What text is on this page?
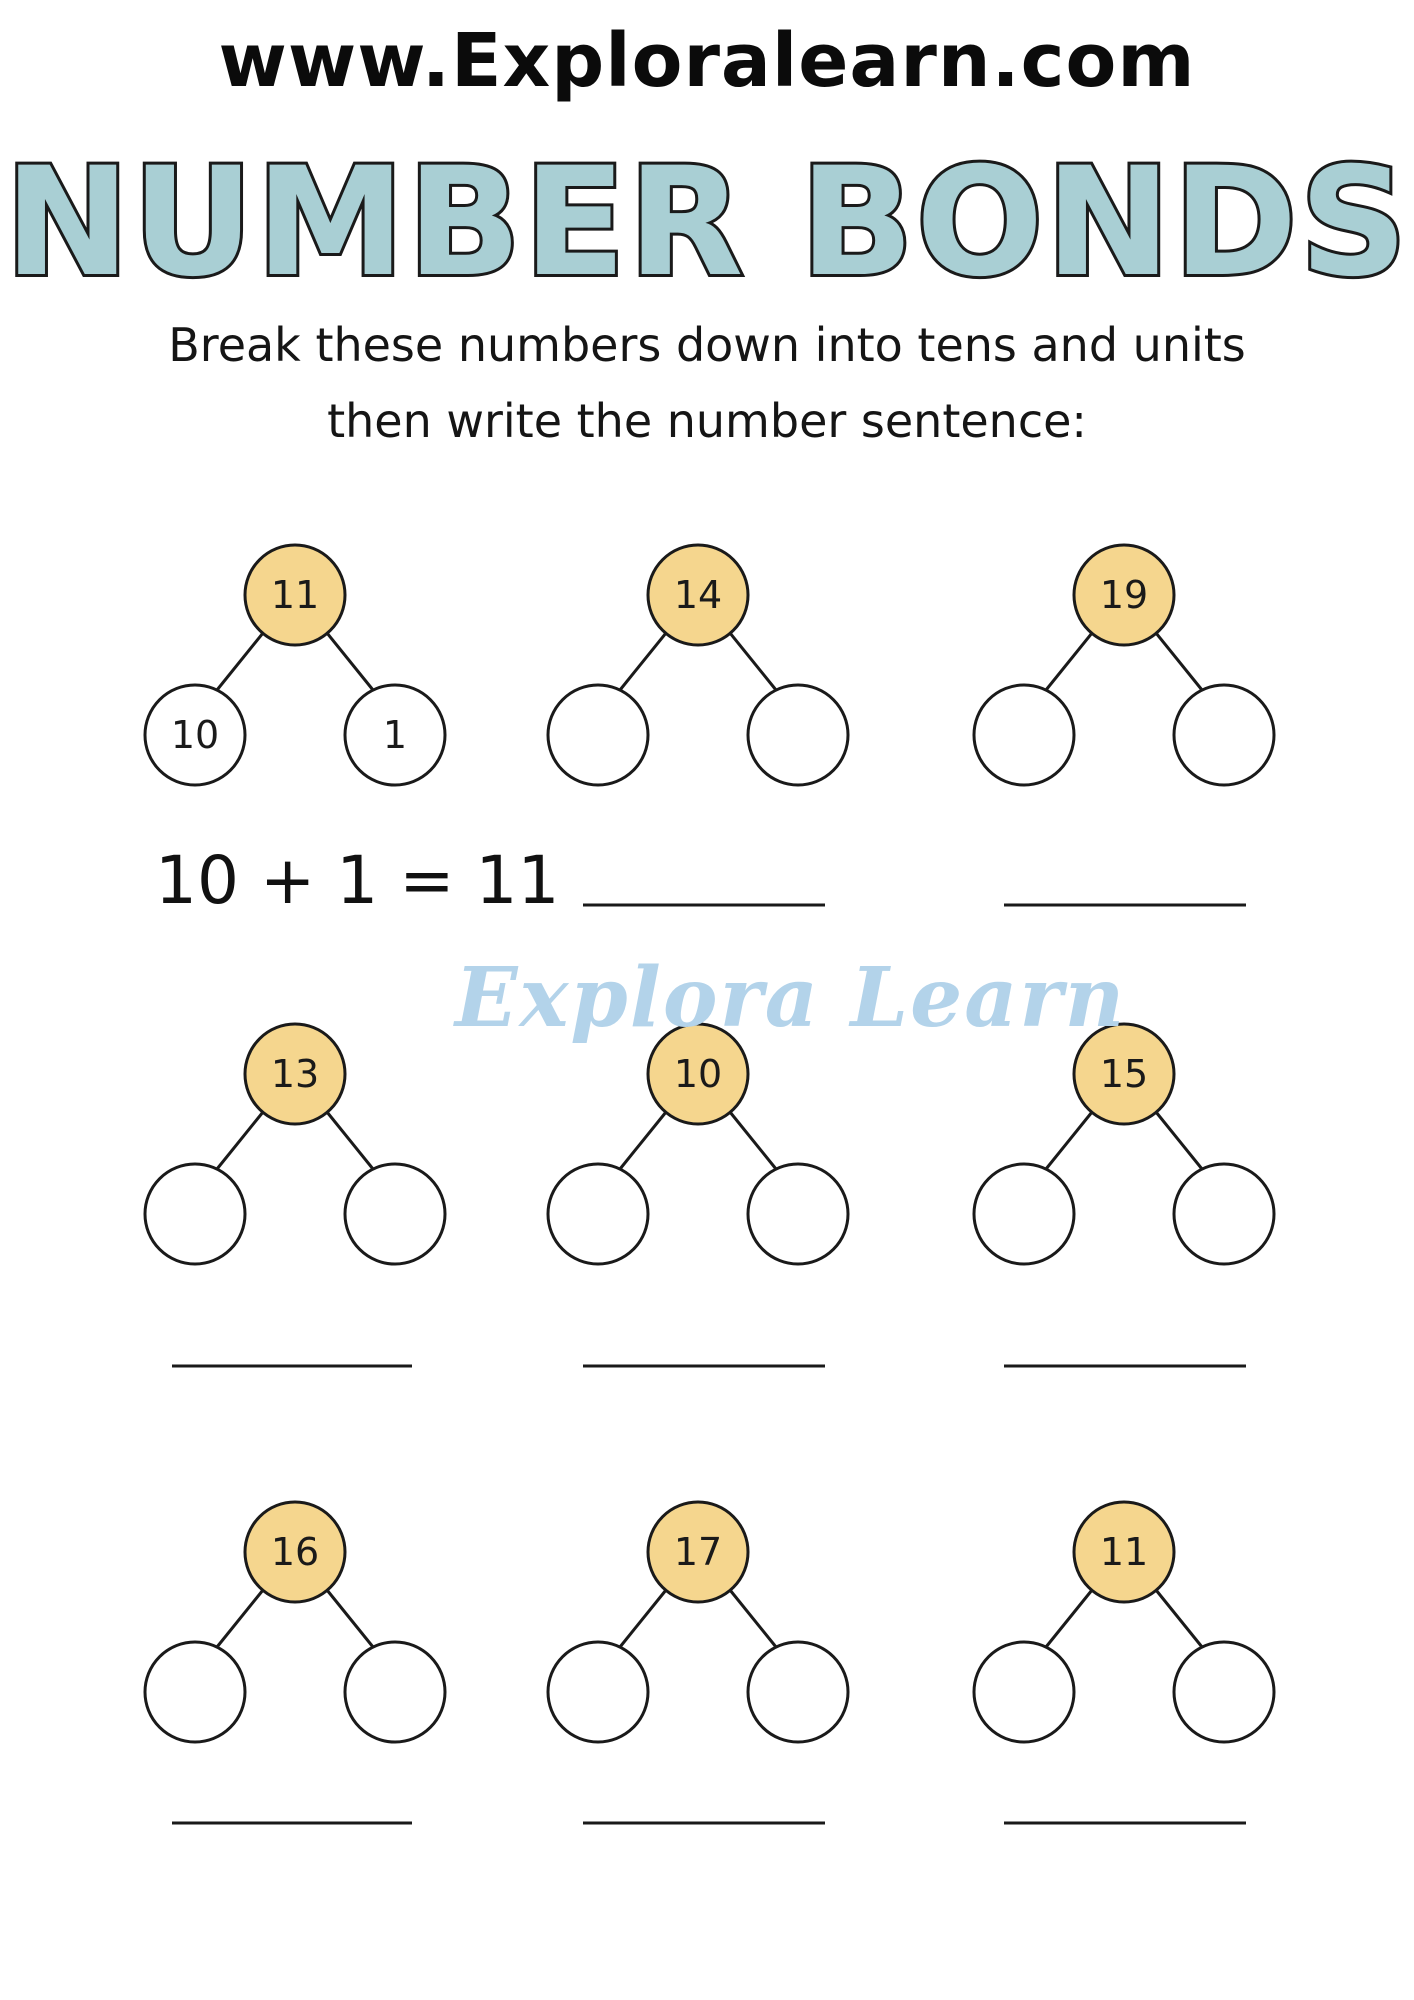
www.Exploralearn.com
NUMBER BONDS
Break these numbers down into tens and units
then write the number sentence:
11
10	1
14	19
13	10	15
16	17	11
Explora Learn
10 + 1 = 11
